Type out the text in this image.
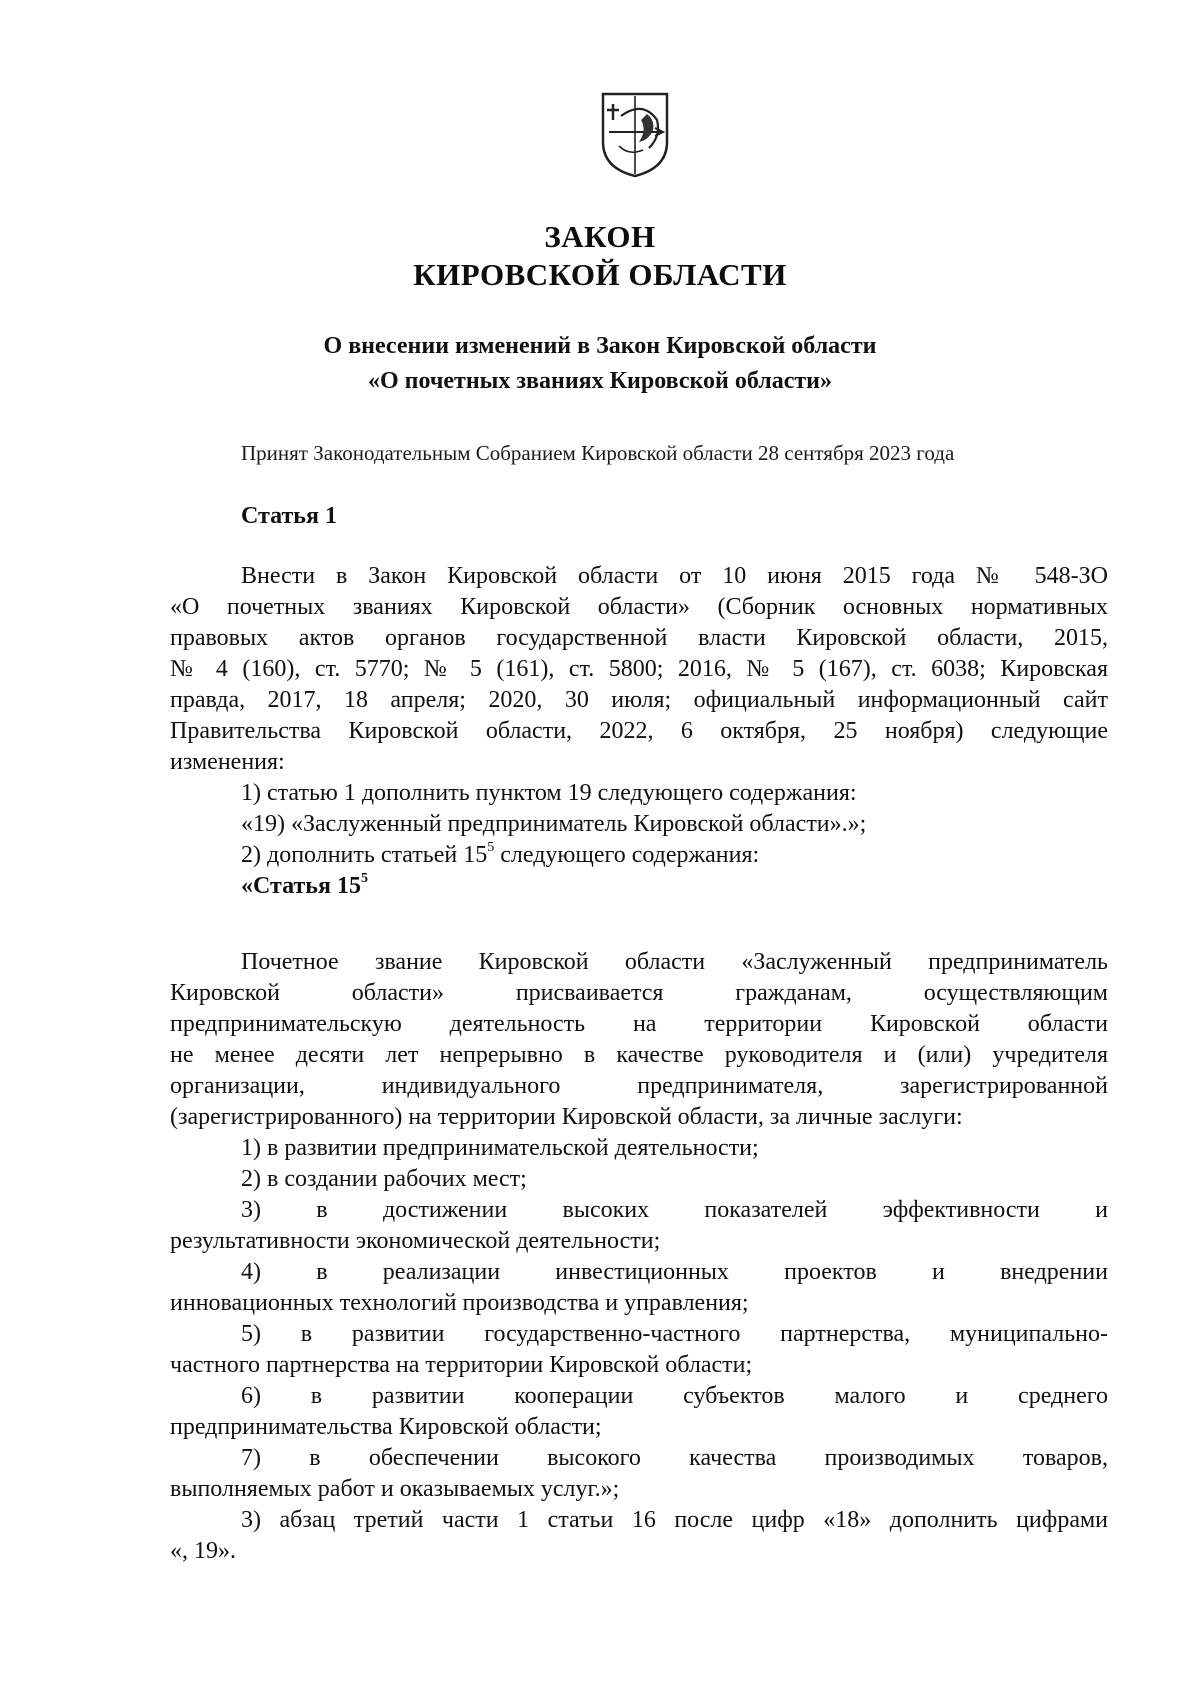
ЗАКОН
КИРОВСКОЙ ОБЛАСТИ
О внесении изменений в Закон Кировской области
«О почетных званиях Кировской области»
Принят Законодательным Собранием Кировской области 28 сентября 2023 года
Статья 1

Внести в Закон Кировской области от 10 июня 2015 года № 548-ЗО

«О почетных званиях Кировской области» (Сборник основных нормативных

правовых актов органов государственной власти Кировской области, 2015,

№ 4 (160), ст. 5770; № 5 (161), ст. 5800; 2016, № 5 (167), ст. 6038; Кировская

правда, 2017, 18 апреля; 2020, 30 июля; официальный информационный сайт

Правительства Кировской области, 2022, 6 октября, 25 ноября) следующие

изменения:

1) статью 1 дополнить пунктом 19 следующего содержания:

«19) «Заслуженный предприниматель Кировской области».»;

2) дополнить статьей $15^5$ следующего содержания:

«Статья $15^5$

Почетное звание Кировской области «Заслуженный предприниматель

Кировской области» присваивается гражданам, осуществляющим

предпринимательскую деятельность на территории Кировской области

не менее десяти лет непрерывно в качестве руководителя и (или) учредителя

организации, индивидуального предпринимателя, зарегистрированной

(зарегистрированного) на территории Кировской области, за личные заслуги:

1) в развитии предпринимательской деятельности;

2) в создании рабочих мест;

3) в достижении высоких показателей эффективности и

результативности экономической деятельности;

4) в реализации инвестиционных проектов и внедрении

инновационных технологий производства и управления;

5) в развитии государственно-частного партнерства, муниципально-

частного партнерства на территории Кировской области;

6) в развитии кооперации субъектов малого и среднего

предпринимательства Кировской области;

7) в обеспечении высокого качества производимых товаров,

выполняемых работ и оказываемых услуг.»;

3) абзац третий части 1 статьи 16 после цифр «18» дополнить цифрами

«, 19».
